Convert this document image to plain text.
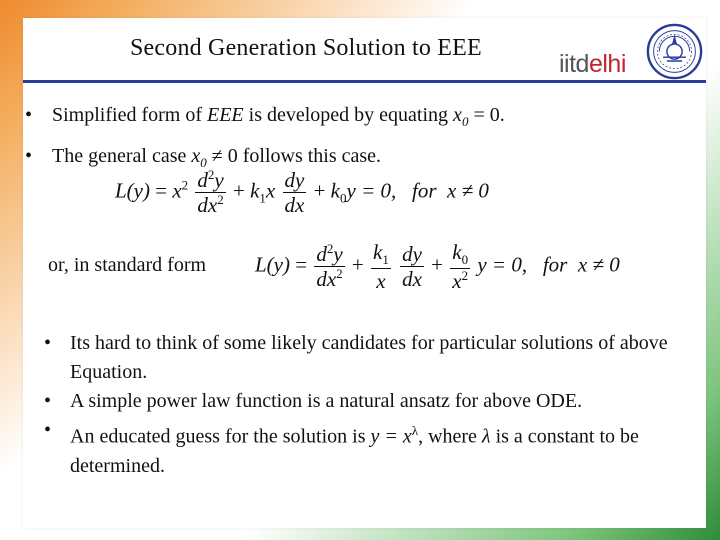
Second Generation Solution to EEE
iitdelhi
• Simplified form of EEE is developed by equating $x_0 = 0$.
• The general case $x_0 \ne 0$ follows this case.
$L(y) = x^2 \frac{d^2y}{dx^2} + k_1x \frac{dy}{dx} + k_0y = 0$, for x ≠ 0
or, in standard form $L(y) = \frac{d^2y}{dx^2} + \frac{k_1}{x}$
$\frac{dy}{dx} + \frac{k_0}{x^2}$ y = 0, for x ≠ 0
• Its hard to think of some likely candidates for particular solutions of above Equation.
• A simple power law function is a natural ansatz for above ODE.
• An educated guess for the solution is $y = x^\lambda$, where λ is a constant to be determined.
